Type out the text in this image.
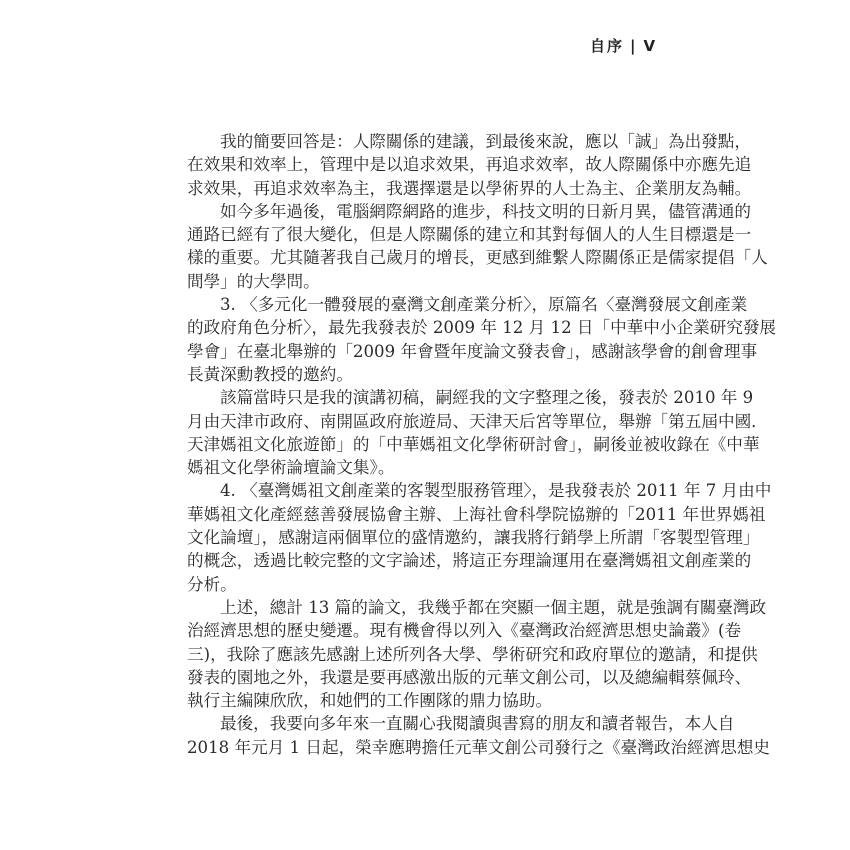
自序 | V
我的簡要回答是：人際關係的建議，到最後來說，應以「誠」為出發點，
在效果和效率上，管理中是以追求效果，再追求效率，故人際關係中亦應先追
求效果，再追求效率為主，我選擇還是以學術界的人士為主、企業朋友為輔。
如今多年過後，電腦網際網路的進步，科技文明的日新月異，儘管溝通的
通路已經有了很大變化，但是人際關係的建立和其對每個人的人生目標還是一
樣的重要。尤其隨著我自己歲月的增長，更感到維繫人際關係正是儒家提倡「人
間學」的大學問。
3. 〈多元化一體發展的臺灣文創產業分析〉，原篇名〈臺灣發展文創產業
的政府角色分析〉，最先我發表於 2009 年 12 月 12 日「中華中小企業研究發展
學會」在臺北舉辦的「2009 年會暨年度論文發表會」，感謝該學會的創會理事
長黃深勳教授的邀約。
該篇當時只是我的演講初稿，嗣經我的文字整理之後，發表於 2010 年 9
月由天津市政府、南開區政府旅遊局、天津天后宮等單位，舉辦「第五屆中國．
天津媽祖文化旅遊節」的「中華媽祖文化學術研討會」，嗣後並被收錄在《中華
媽祖文化學術論壇論文集》。
4. 〈臺灣媽祖文創產業的客製型服務管理〉，是我發表於 2011 年 7 月由中
華媽祖文化產經慈善發展協會主辦、上海社會科學院協辦的「2011 年世界媽祖
文化論壇」，感謝這兩個單位的盛情邀約，讓我將行銷學上所謂「客製型管理」
的概念，透過比較完整的文字論述，將這正夯理論運用在臺灣媽祖文創產業的
分析。
上述，總計 13 篇的論文，我幾乎都在突顯一個主題，就是強調有關臺灣政
治經濟思想的歷史變遷。現有機會得以列入《臺灣政治經濟思想史論叢》(卷
三)，我除了應該先感謝上述所列各大學、學術研究和政府單位的邀請，和提供
發表的園地之外，我還是要再感激出版的元華文創公司，以及總編輯蔡佩玲、
執行主編陳欣欣，和她們的工作團隊的鼎力協助。
最後，我要向多年來一直關心我閱讀與書寫的朋友和讀者報告，本人自
2018 年元月 1 日起，榮幸應聘擔任元華文創公司發行之《臺灣政治經濟思想史
